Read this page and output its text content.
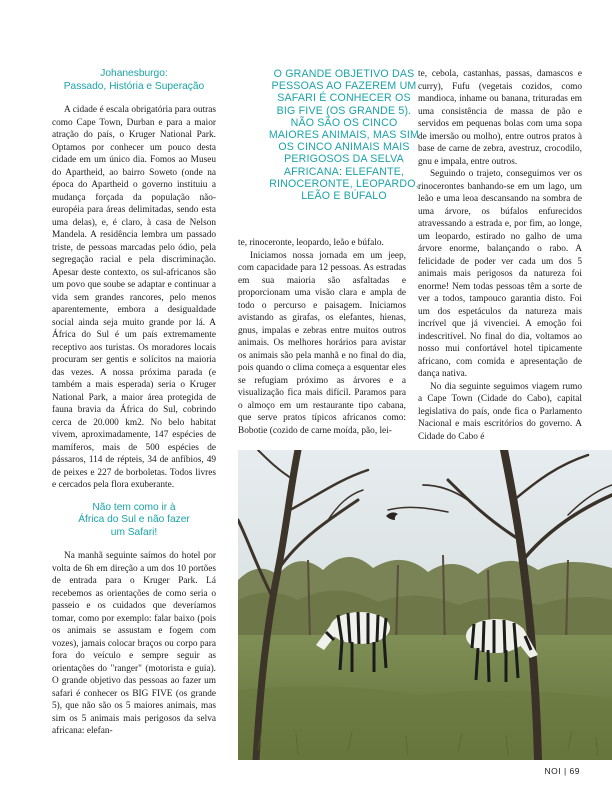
Johanesburgo:
Passado, História e Superação

A cidade é escala obrigatória para outras como Cape Town, Durban e para a maior atração do país, o Kruger National Park. Optamos por conhecer um pouco desta cidade em um único dia. Fomos ao Museu do Apartheid, ao bairro Soweto (onde na época do Apartheid o governo instituiu a mudança forçada da população não-européia para áreas delimitadas, sendo esta uma delas), e, é claro, à casa de Nelson Mandela. A residência lembra um passado triste, de pessoas marcadas pelo ódio, pela segregação racial e pela discriminação. Apesar deste contexto, os sul-africanos são um povo que soube se adaptar e continuar a vida sem grandes rancores, pelo menos aparentemente, embora a desigualdade social ainda seja muito grande por lá. A África do Sul é um país extremamente receptivo aos turistas. Os moradores locais procuram ser gentis e solícitos na maioria das vezes. A nossa próxima parada (e também a mais esperada) seria o Kruger National Park, a maior área protegida de fauna bravia da África do Sul, cobrindo cerca de 20.000 km2. No belo habitat vivem, aproximadamente, 147 espécies de mamíferos, mais de 500 espécies de pássaros, 114 de répteis, 34 de anfíbios, 49 de peixes e 227 de borboletas. Todos livres e cercados pela flora exuberante.

Não tem como ir à
África do Sul e não fazer
um Safari!

Na manhã seguinte saímos do hotel por volta de 6h em direção a um dos 10 portões de entrada para o Kruger Park. Lá recebemos as orientações de como seria o passeio e os cuidados que deveríamos tomar, como por exemplo: falar baixo (pois os animais se assustam e fogem com vozes), jamais colocar braços ou corpo para fora do veículo e sempre seguir as orientações do "ranger" (motorista e guia). O grande objetivo das pessoas ao fazer um safari é conhecer os BIG FIVE (os grande 5), que não são os 5 maiores animais, mas sim os 5 animais mais perigosos da selva africana: elefan-

O GRANDE OBJETIVO DAS PESSOAS AO FAZEREM UM SAFARI É CONHECER OS BIG FIVE (OS GRANDE 5). NÃO SÃO OS CINCO MAIORES ANIMAIS, MAS SIM OS CINCO ANIMAIS MAIS PERIGOSOS DA SELVA AFRICANA: ELEFANTE, RINOCERONTE, LEOPARDO, LEÃO E BÚFALO

te, rinoceronte, leopardo, leão e búfalo.

Iniciamos nossa jornada em um jeep, com capacidade para 12 pessoas. As estradas em sua maioria são asfaltadas e proporcionam uma visão clara e ampla de todo o percurso e paisagem. Iniciamos avistando as girafas, os elefantes, hienas, gnus, impalas e zebras entre muitos outros animais. Os melhores horários para avistar os animais são pela manhã e no final do dia, pois quando o clima começa a esquentar eles se refugiam próximo as árvores e a visualização fica mais difícil. Paramos para o almoço em um restaurante tipo cabana, que serve pratos típicos africanos como: Bobotie (cozido de carne moída, pão, lei-

te, cebola, castanhas, passas, damascos e curry), Fufu (vegetais cozidos, como mandioca, inhame ou banana, trituradas em uma consistência de massa de pão e servidos em pequenas bolas com uma sopa de imersão ou molho), entre outros pratos à base de carne de zebra, avestruz, crocodilo, gnu e impala, entre outros.

Seguindo o trajeto, conseguimos ver os rinocerontes banhando-se em um lago, um leão e uma leoa descansando na sombra de uma árvore, os búfalos enfurecidos atravessando a estrada e, por fim, ao longe, um leopardo, estirado no galho de uma árvore enorme, balançando o rabo. A felicidade de poder ver cada um dos 5 animais mais perigosos da natureza foi enorme! Nem todas pessoas têm a sorte de ver a todos, tampouco garantia disto. Foi um dos espetáculos da natureza mais incrível que já vivenciei. A emoção foi indescritível. No final do dia, voltamos ao nosso mui confortável hotel tipicamente africano, com comida e apresentação de dança nativa.

No dia seguinte seguimos viagem rumo a Cape Town (Cidade do Cabo), capital legislativa do país, onde fica o Parlamento Nacional e mais escritórios do governo. A Cidade do Cabo é

NOI | 69
